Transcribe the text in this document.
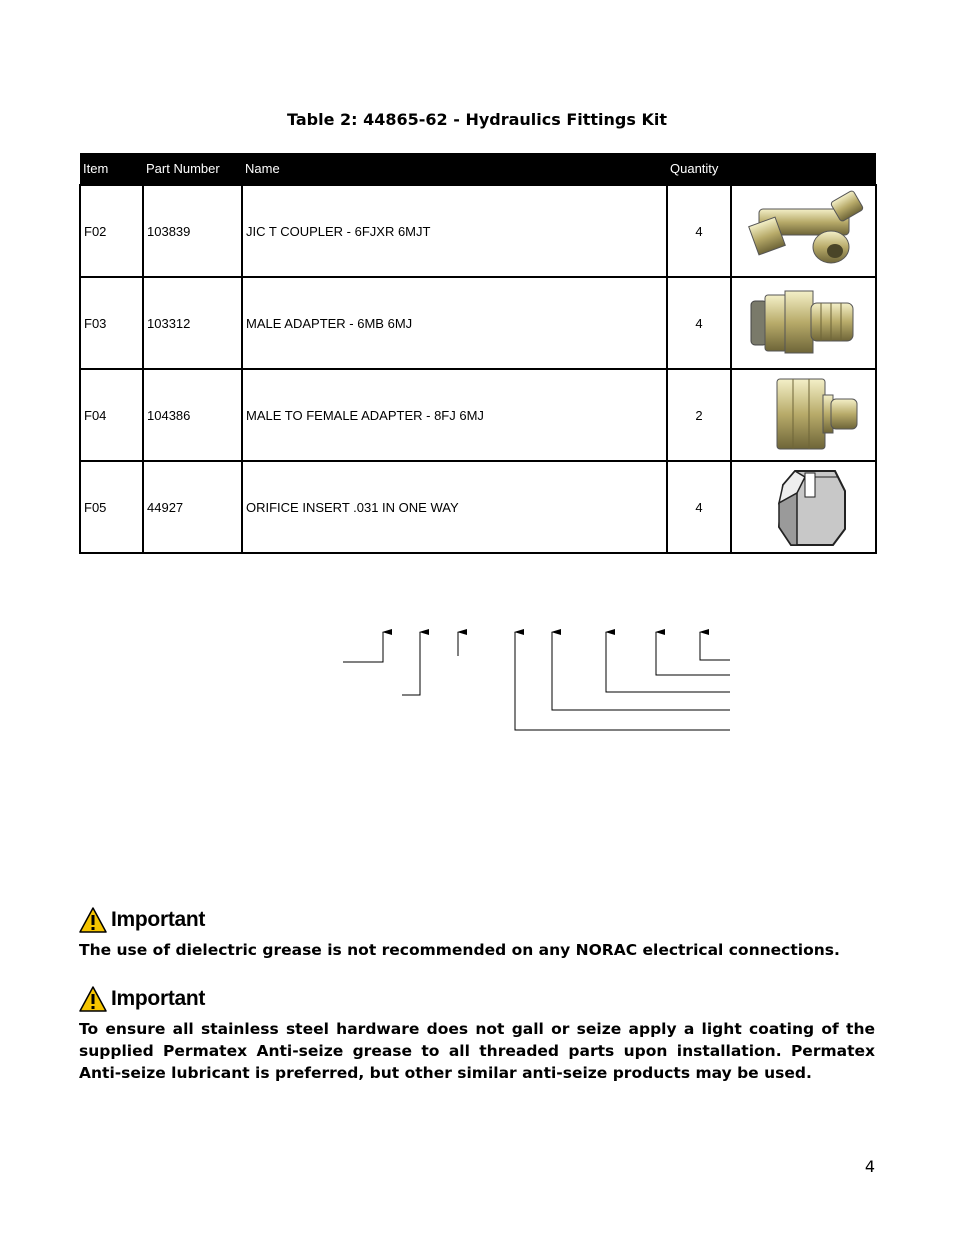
Table 2: 44865-62 - Hydraulics Fittings Kit
Item	Part Number	Name	Quantity	
F02	103839	JIC T COUPLER - 6FJXR 6MJT	4	
F03	103312	MALE ADAPTER - 6MB 6MJ	4	
F04	104386	MALE TO FEMALE ADAPTER - 8FJ 6MJ	2	
F05	44927	ORIFICE INSERT .031 IN ONE WAY	4	
Important
The use of dielectric grease is not recommended on any NORAC electrical connections.
Important
To ensure all stainless steel hardware does not gall or seize apply a light coating of the supplied Permatex Anti-seize grease to all threaded parts upon installation. Permatex Anti-seize lubricant is preferred, but other similar anti-seize products may be used.
4
